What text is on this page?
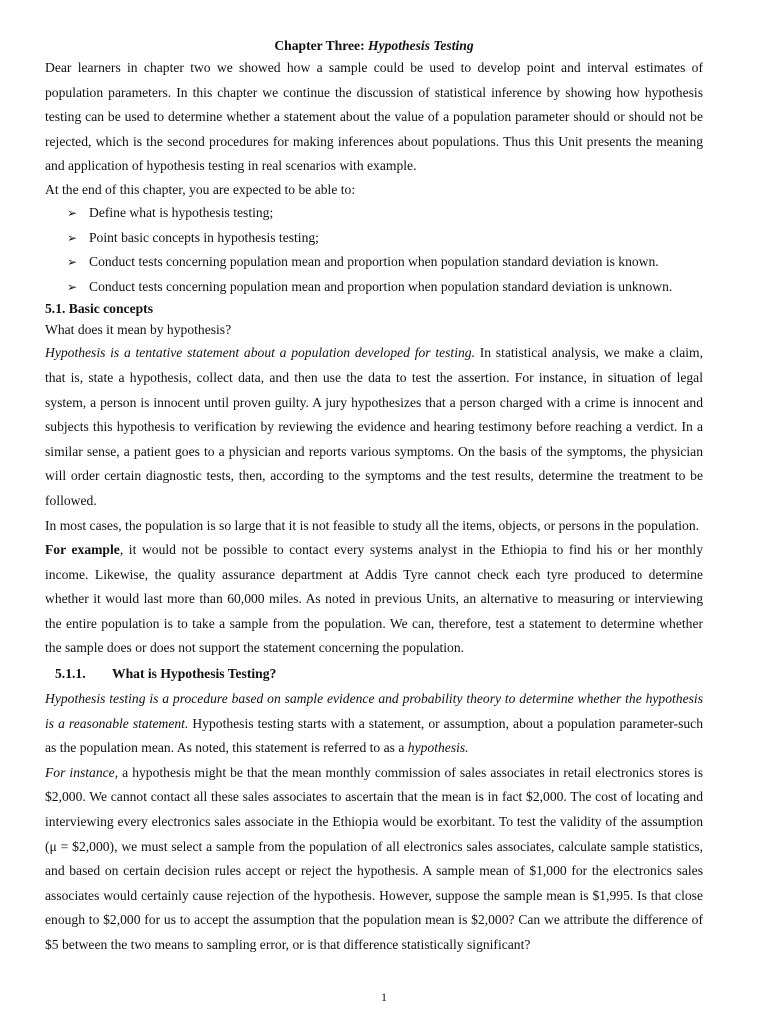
Chapter Three: Hypothesis Testing

Dear learners in chapter two we showed how a sample could be used to develop point and interval estimates of population parameters. In this chapter we continue the discussion of statistical inference by showing how hypothesis testing can be used to determine whether a statement about the value of a population parameter should or should not be rejected, which is the second procedures for making inferences about populations. Thus this Unit presents the meaning and application of hypothesis testing in real scenarios with example.

At the end of this chapter, you are expected to be able to:

➢ Define what is hypothesis testing;
➢ Point basic concepts in hypothesis testing;
➢ Conduct tests concerning population mean and proportion when population standard deviation is known.
➢ Conduct tests concerning population mean and proportion when population standard deviation is unknown.
5.1. Basic concepts

What does it mean by hypothesis?

Hypothesis is a tentative statement about a population developed for testing. In statistical analysis, we make a claim, that is, state a hypothesis, collect data, and then use the data to test the assertion. For instance, in situation of legal system, a person is innocent until proven guilty. A jury hypothesizes that a person charged with a crime is innocent and subjects this hypothesis to verification by reviewing the evidence and hearing testimony before reaching a verdict. In a similar sense, a patient goes to a physician and reports various symptoms. On the basis of the symptoms, the physician will order certain diagnostic tests, then, according to the symptoms and the test results, determine the treatment to be followed.

In most cases, the population is so large that it is not feasible to study all the items, objects, or persons in the population.

For example, it would not be possible to contact every systems analyst in the Ethiopia to find his or her monthly income. Likewise, the quality assurance department at Addis Tyre cannot check each tyre produced to determine whether it would last more than 60,000 miles. As noted in previous Units, an alternative to measuring or interviewing the entire population is to take a sample from the population. We can, therefore, test a statement to determine whether the sample does or does not support the statement concerning the population.

5.1.1. What is Hypothesis Testing?

Hypothesis testing is a procedure based on sample evidence and probability theory to determine whether the hypothesis is a reasonable statement. Hypothesis testing starts with a statement, or assumption, about a population parameter-such as the population mean. As noted, this statement is referred to as a hypothesis.

For instance, a hypothesis might be that the mean monthly commission of sales associates in retail electronics stores is $2,000. We cannot contact all these sales associates to ascertain that the mean is in fact $2,000. The cost of locating and interviewing every electronics sales associate in the Ethiopia would be exorbitant. To test the validity of the assumption (μ = $2,000), we must select a sample from the population of all electronics sales associates, calculate sample statistics, and based on certain decision rules accept or reject the hypothesis. A sample mean of $1,000 for the electronics sales associates would certainly cause rejection of the hypothesis. However, suppose the sample mean is $1,995. Is that close enough to $2,000 for us to accept the assumption that the population mean is $2,000? Can we attribute the difference of $5 between the two means to sampling error, or is that difference statistically significant?

1
